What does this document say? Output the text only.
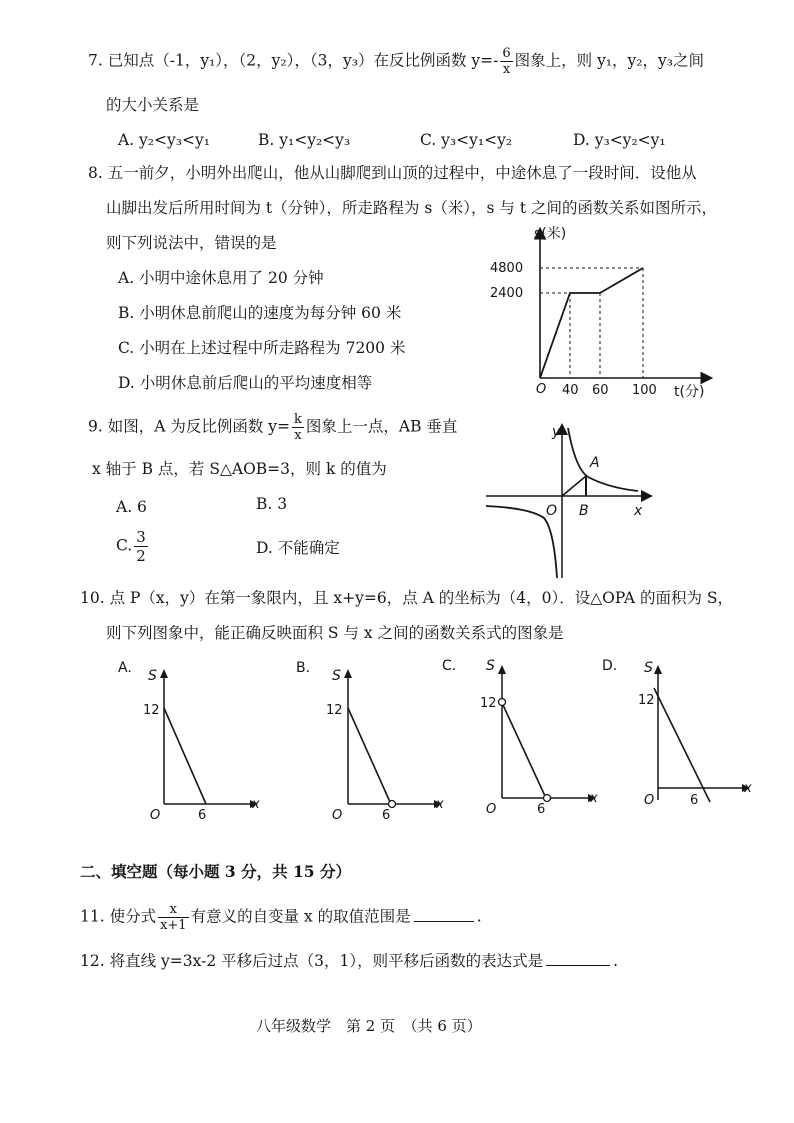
7. 已知点（-1，y₁），（2，y₂），（3，y₃）在反比例函数 $y=- \frac{6}{x}$ 图象上，则 y₁，y₂，y₃之间
的大小关系是
A. y₂<y₃<y₁	B. y₁<y₂<y₃	C. y₃<y₁<y₂	D. y₃<y₂<y₁
8. 五一前夕，小明外出爬山，他从山脚爬到山顶的过程中，中途休息了一段时间．设他从
山脚出发后所用时间为 t（分钟），所走路程为 s（米），s 与 t 之间的函数关系如图所示，
则下列说法中，错误的是
A. 小明中途休息用了 20 分钟
B. 小明休息前爬山的速度为每分钟 60 米
C. 小明在上述过程中所走路程为 7200 米
D. 小明休息前后爬山的平均速度相等
s(米)
4800
2400
O 40 60 100 t(分)
9. 如图，A 为反比例函数 $y= \frac{k}{x}$ 图象上一点，AB 垂直
x 轴于 B 点，若 S△AOB=3，则 k 的值为
A. 6	B. 3
C. $\frac{3}{2}$	D. 不能确定
y
A
O B	x
10. 点 P（x，y）在第一象限内，且 x+y=6，点 A 的坐标为（4，0）．设△OPA 的面积为 S，
则下列图象中，能正确反映面积 S 与 x 之间的函数关系式的图象是
A. S
12
O	6
x
B. S
12
O	6
x
C. S
12
O	6
x
D. S
12
O	6
x
二、填空题（每小题 3 分，共 15 分）
11. 使分式 $\frac{x}{x+1}$ 有意义的自变量 x 的取值范围是	.
12. 将直线 y=3x-2 平移后过点（3，1），则平移后函数的表达式是	.
八年级数学　第 2 页　（共 6 页）
